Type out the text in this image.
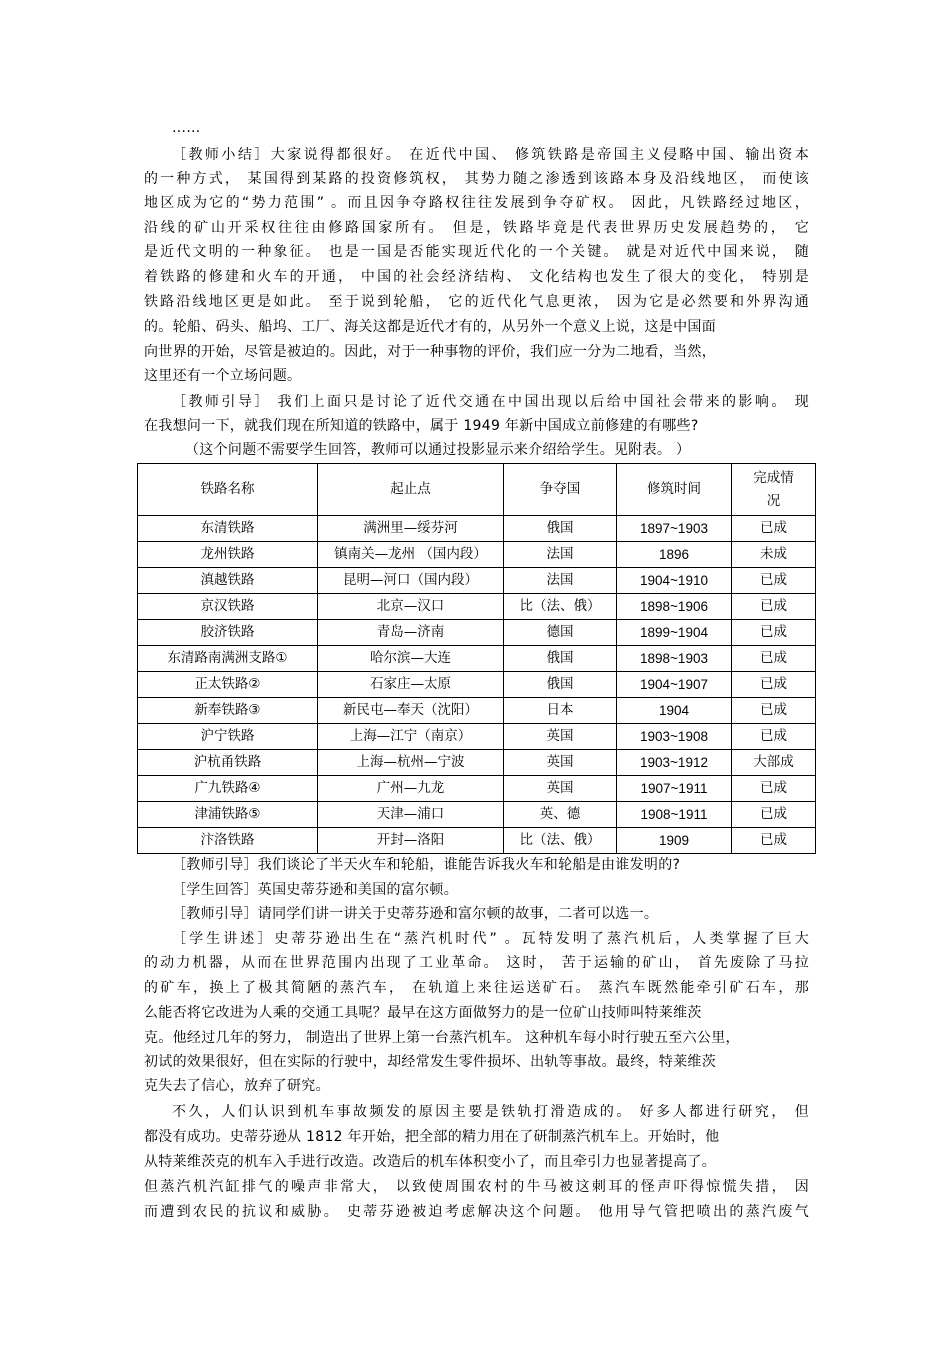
……
［教师小结］大家说得都很好。 在近代中国、 修筑铁路是帝国主义侵略中国、输出资本
的一种方式， 某国得到某路的投资修筑权， 其势力随之渗透到该路本身及沿线地区， 而使该
地区成为它的“势力范围” 。而且因争夺路权往往发展到争夺矿权。 因此，凡铁路经过地区，
沿线的矿山开采权往往由修路国家所有。 但是，铁路毕竟是代表世界历史发展趋势的， 它
是近代文明的一种象征。 也是一国是否能实现近代化的一个关键。 就是对近代中国来说， 随
着铁路的修建和火车的开通， 中国的社会经济结构、 文化结构也发生了很大的变化， 特别是
铁路沿线地区更是如此。 至于说到轮船， 它的近代化气息更浓， 因为它是必然要和外界沟通
的。轮船、码头、船坞、工厂、海关这都是近代才有的，从另外一个意义上说，这是中国面
向世界的开始，尽管是被迫的。因此，对于一种事物的评价，我们应一分为二地看，当然，
这里还有一个立场问题。
［教师引导］ 我们上面只是讨论了近代交通在中国出现以后给中国社会带来的影响。 现
在我想问一下，就我们现在所知道的铁路中，属于 1949 年新中国成立前修建的有哪些?
（这个问题不需要学生回答，教师可以通过投影显示来介绍给学生。见附表。 ）
铁路名称	起止点	争夺国	修筑时间	完成情况
东清铁路	满洲里—绥芬河	俄国	1897~1903	已成
龙州铁路	镇南关—龙州 （国内段）	法国	1896	未成
滇越铁路	昆明—河口（国内段）	法国	1904~1910	已成
京汉铁路	北京—汉口	比（法、俄）	1898~1906	已成
胶济铁路	青岛—济南	德国	1899~1904	已成
东清路南满洲支路①	哈尔滨—大连	俄国	1898~1903	已成
正太铁路②	石家庄—太原	俄国	1904~1907	已成
新奉铁路③	新民屯—奉天（沈阳）	日本	1904	已成
沪宁铁路	上海—江宁（南京）	英国	1903~1908	已成
沪杭甬铁路	上海—杭州—宁波	英国	1903~1912	大部成
广九铁路④	广州—九龙	英国	1907~1911	已成
津浦铁路⑤	天津—浦口	英、德	1908~1911	已成
汴洛铁路	开封—洛阳	比（法、俄）	1909	已成
［教师引导］我们谈论了半天火车和轮船，谁能告诉我火车和轮船是由谁发明的?
［学生回答］英国史蒂芬逊和美国的富尔顿。
［教师引导］请同学们讲一讲关于史蒂芬逊和富尔顿的故事，二者可以选一。
［学生讲述］史蒂芬逊出生在“蒸汽机时代” 。瓦特发明了蒸汽机后，人类掌握了巨大
的动力机器，从而在世界范围内出现了工业革命。 这时， 苦于运输的矿山， 首先废除了马拉
的矿车，换上了极其简陋的蒸汽车， 在轨道上来往运送矿石。 蒸汽车既然能牵引矿石车，那
么能否将它改进为人乘的交通工具呢？最早在这方面做努力的是一位矿山技师叫特莱维茨
克。他经过几年的努力， 制造出了世界上第一台蒸汽机车。 这种机车每小时行驶五至六公里，
初试的效果很好，但在实际的行驶中，却经常发生零件损坏、出轨等事故。最终，特莱维茨
克失去了信心，放弃了研究。
不久，人们认识到机车事故频发的原因主要是铁轨打滑造成的。 好多人都进行研究， 但
都没有成功。史蒂芬逊从 1812 年开始，把全部的精力用在了研制蒸汽机车上。开始时，他
从特莱维茨克的机车入手进行改造。改造后的机车体积变小了，而且牵引力也显著提高了。
但蒸汽机汽缸排气的噪声非常大， 以致使周围农村的牛马被这刺耳的怪声吓得惊慌失措， 因
而遭到农民的抗议和威胁。 史蒂芬逊被迫考虑解决这个问题。 他用导气管把喷出的蒸汽废气
